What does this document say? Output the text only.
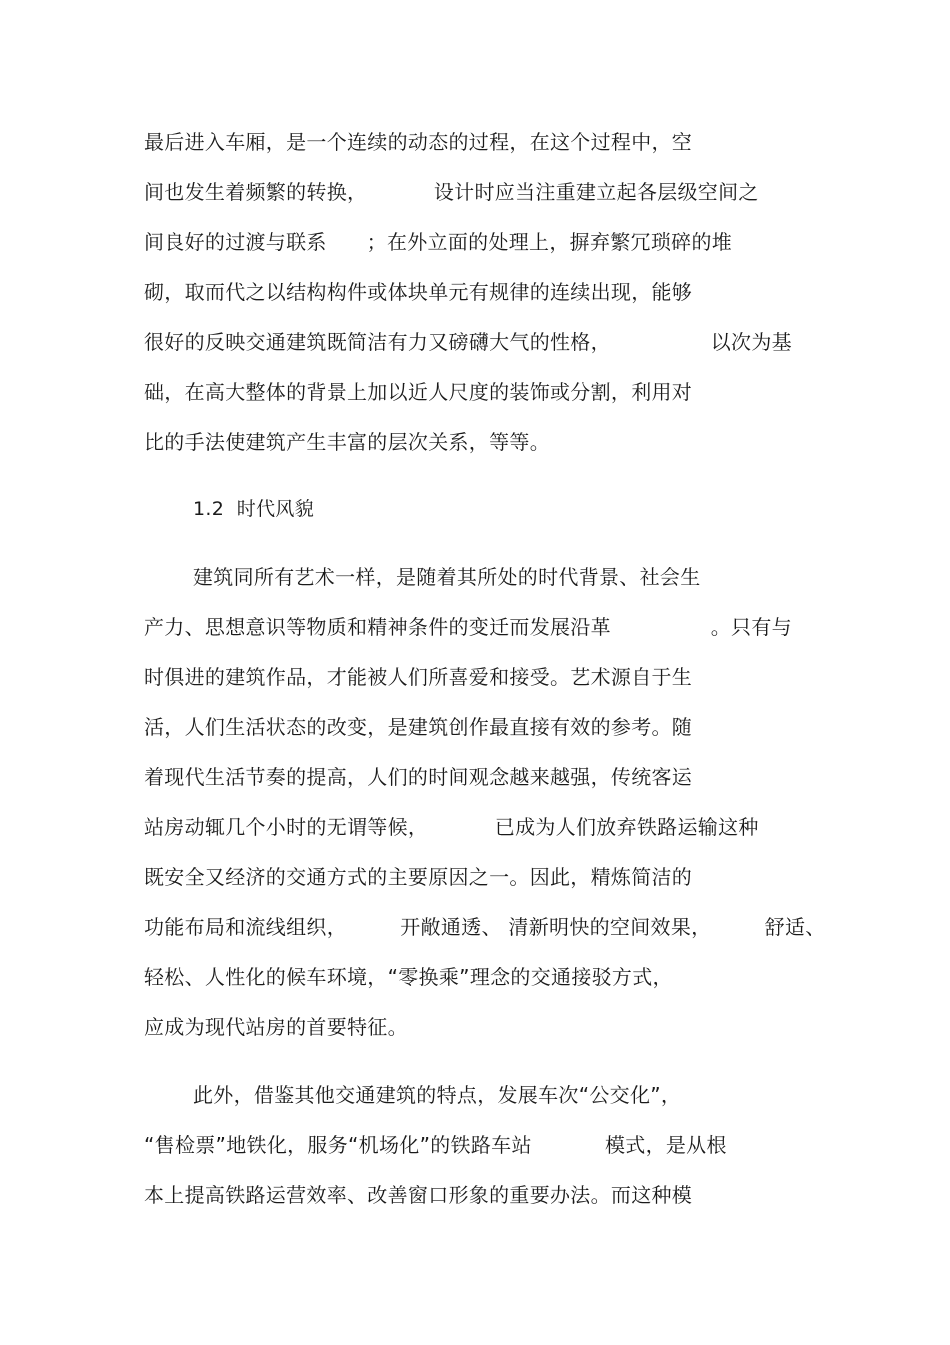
最后进入车厢，是一个连续的动态的过程，在这个过程中，空
间也发生着频繁的转换，          设计时应当注重建立起各层级空间之
间良好的过渡与联系      ；在外立面的处理上，摒弃繁冗琐碎的堆
砌，取而代之以结构构件或体块单元有规律的连续出现，能够
很好的反映交通建筑既简洁有力又磅礴大气的性格，               以次为基
础，在高大整体的背景上加以近人尺度的装饰或分割，利用对
比的手法使建筑产生丰富的层次关系，等等。
1.2  时代风貌
建筑同所有艺术一样，是随着其所处的时代背景、社会生
产力、思想意识等物质和精神条件的变迁而发展沿革               。只有与
时俱进的建筑作品，才能被人们所喜爱和接受。艺术源自于生
活，人们生活状态的改变，是建筑创作最直接有效的参考。随
着现代生活节奏的提高，人们的时间观念越来越强，传统客运
站房动辄几个小时的无谓等候，          已成为人们放弃铁路运输这种
既安全又经济的交通方式的主要原因之一。因此，精炼简洁的
功能布局和流线组织，        开敞通透、 清新明快的空间效果，        舒适、
轻松、人性化的候车环境，“零换乘”理念的交通接驳方式，
应成为现代站房的首要特征。
此外，借鉴其他交通建筑的特点，发展车次“公交化”，
“售检票”地铁化，服务“机场化”的铁路车站           模式，是从根
本上提高铁路运营效率、改善窗口形象的重要办法。而这种模
